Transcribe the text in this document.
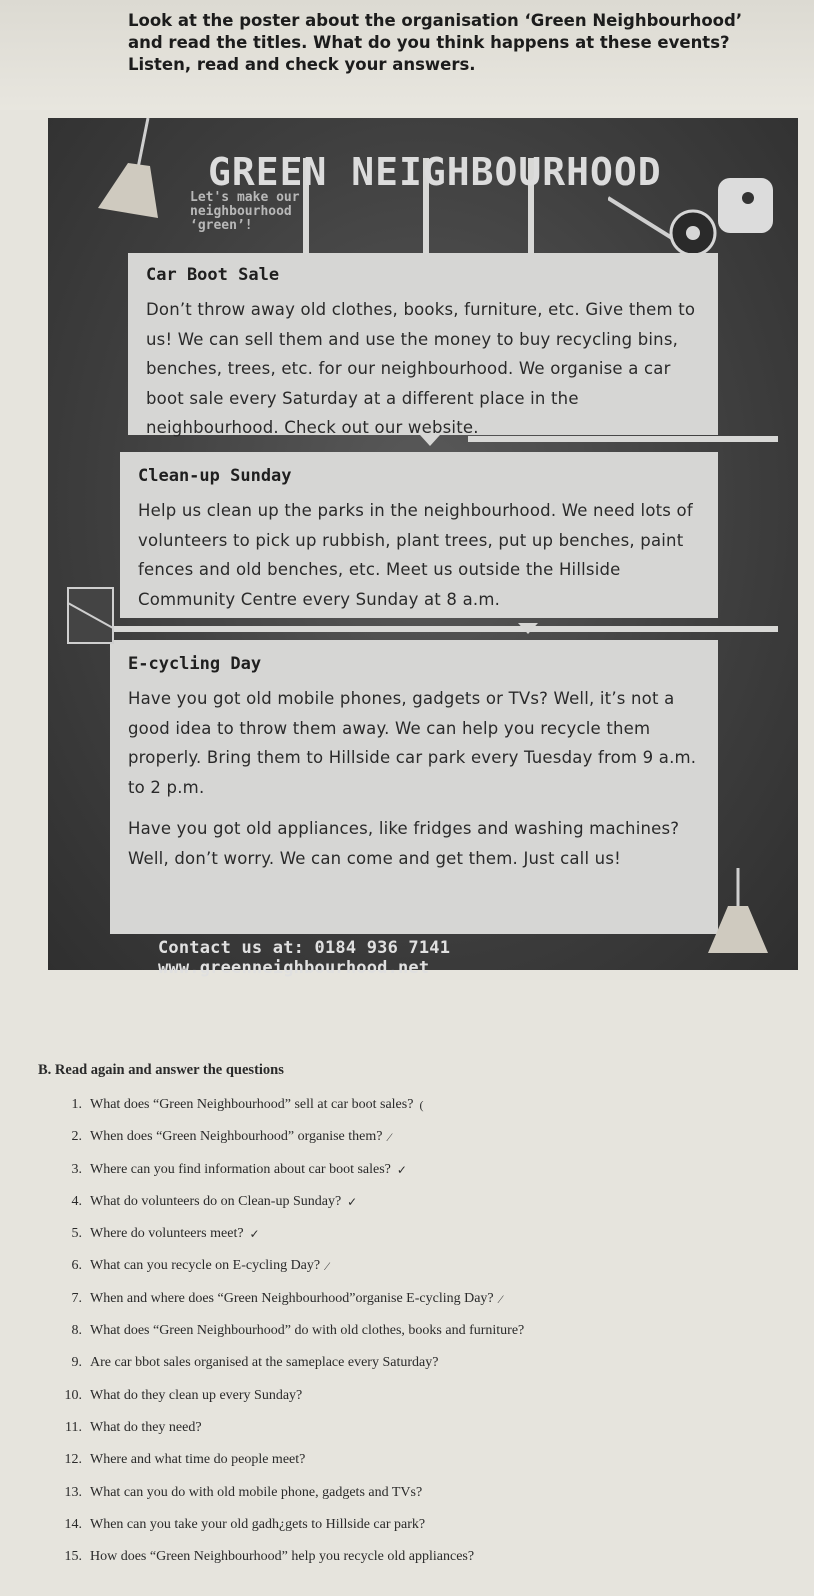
Look at the poster about the organisation ‘Green Neighbourhood’
and read the titles. What do you think happens at these events?
Listen, read and check your answers.
GREEN NEIGHBOURHOOD
Let's make our neighbourhood ‘green’!
Car Boot Sale

Don’t throw away old clothes, books, furniture, etc. Give them to us! We can sell them and use the money to buy recycling bins, benches, trees, etc. for our neighbourhood. We organise a car boot sale every Saturday at a different place in the neighbourhood. Check out our website.

Clean-up Sunday

Help us clean up the parks in the neighbourhood. We need lots of volunteers to pick up rubbish, plant trees, put up benches, paint fences and old benches, etc. Meet us outside the Hillside Community Centre every Sunday at 8 a.m.

E-cycling Day

Have you got old mobile phones, gadgets or TVs? Well, it’s not a good idea to throw them away. We can help you recycle them properly. Bring them to Hillside car park every Tuesday from 9 a.m. to 2 p.m.

Have you got old appliances, like fridges and washing machines? Well, don’t worry. We can come and get them. Just call us!

Contact us at: 0184 936 7141 www.greenneighbourhood.net
B. Read again and answer the questions
1. What does “Green Neighbourhood” sell at car boot sales? (
2. When does “Green Neighbourhood” organise them? ⁄
3. Where can you find information about car boot sales? ✓
4. What do volunteers do on Clean-up Sunday? ✓
5. Where do volunteers meet? ✓
6. What can you recycle on E-cycling Day? ⁄
7. When and where does “Green Neighbourhood”organise E-cycling Day? ⁄
8. What does “Green Neighbourhood” do with old clothes, books and furniture?
9. Are car bbot sales organised at the sameplace every Saturday?
10. What do they clean up every Sunday?
11. What do they need?
12. Where and what time do people meet?
13. What can you do with old mobile phone, gadgets and TVs?
14. When can you take your old gadh¿gets to Hillside car park?
15. How does “Green Neighbourhood” help you recycle old appliances?
